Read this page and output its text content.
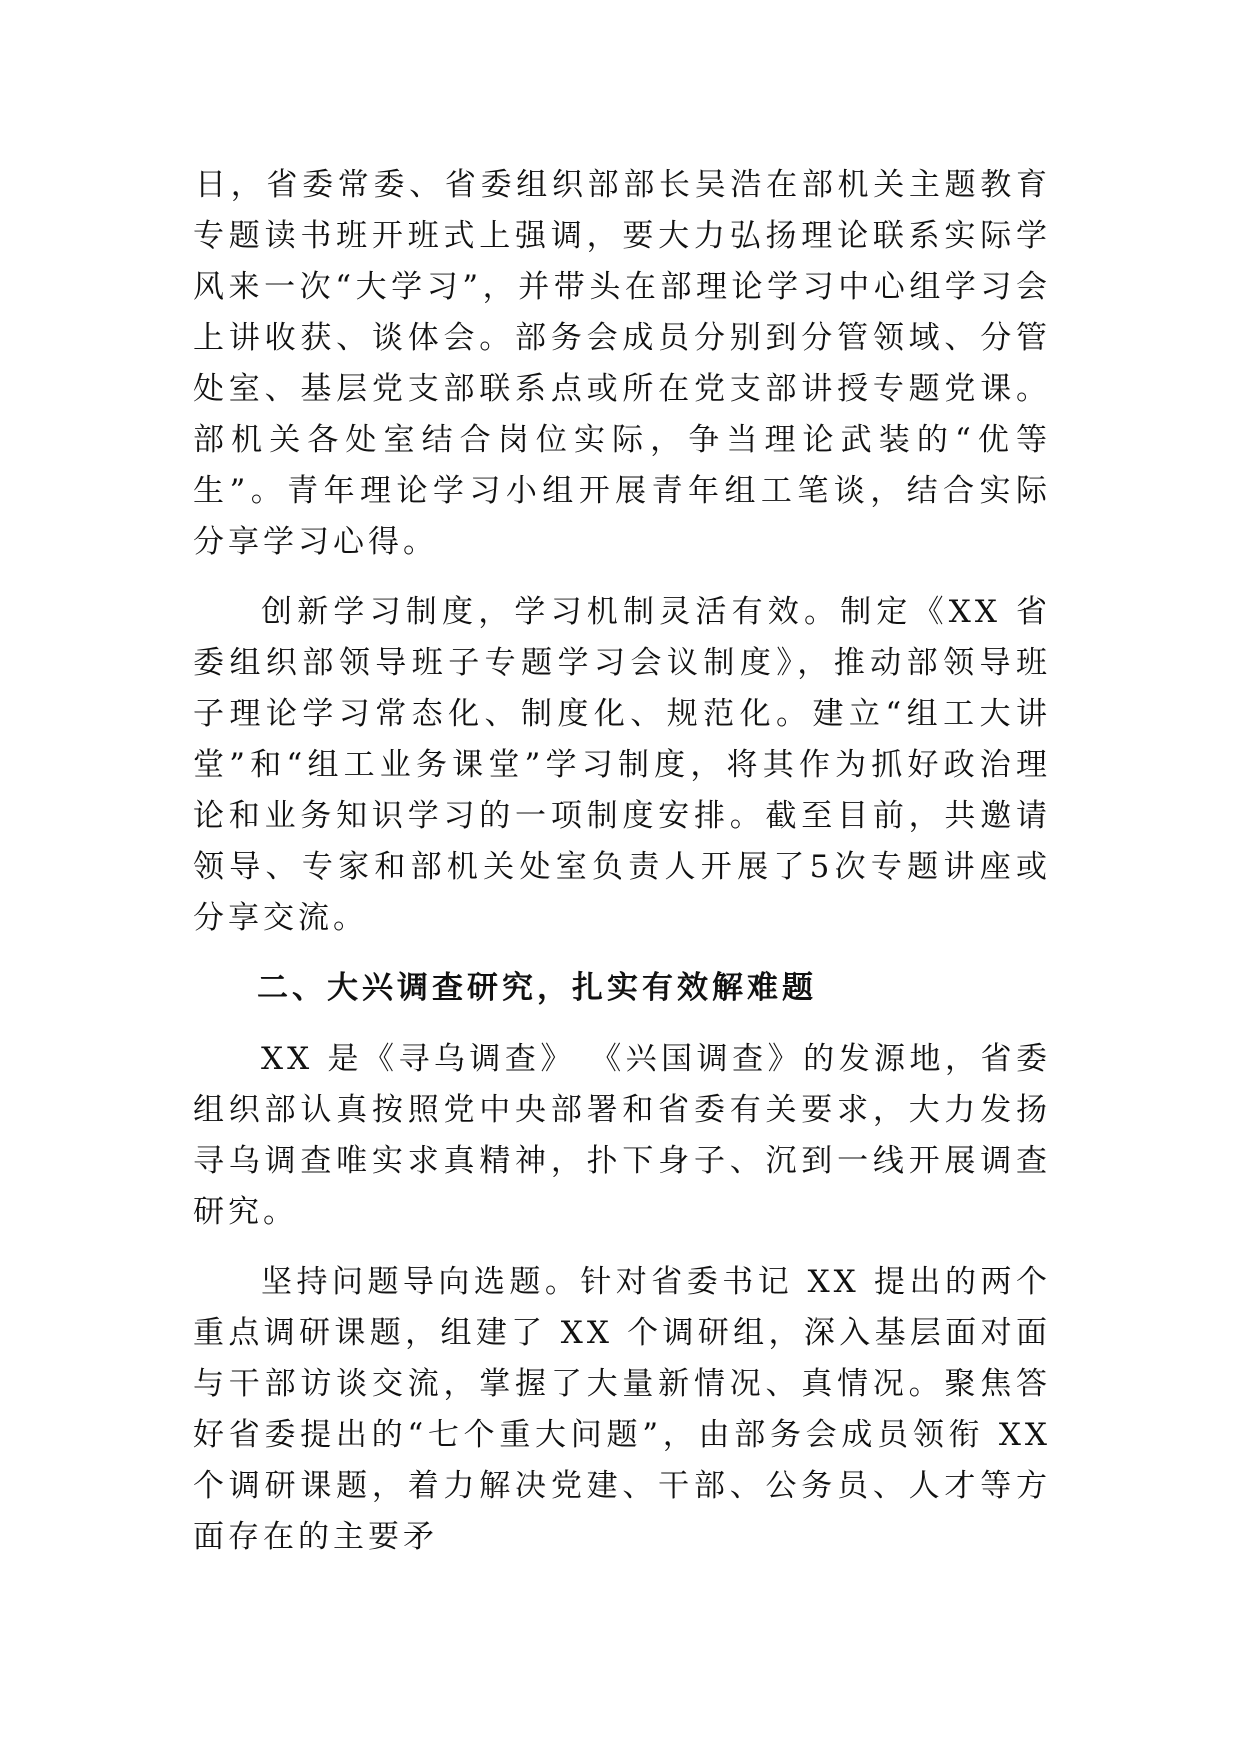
日，省委常委、省委组织部部长吴浩在部机关主题教育专题读书班开班式上强调，要大力弘扬理论联系实际学风来一次“大学习”，并带头在部理论学习中心组学习会上讲收获、谈体会。部务会成员分别到分管领域、分管处室、基层党支部联系点或所在党支部讲授专题党课。部机关各处室结合岗位实际，争当理论武装的“优等生”。青年理论学习小组开展青年组工笔谈，结合实际分享学习心得。

创新学习制度，学习机制灵活有效。制定《XX 省委组织部领导班子专题学习会议制度》，推动部领导班子理论学习常态化、制度化、规范化。建立“组工大讲堂”和“组工业务课堂”学习制度，将其作为抓好政治理论和业务知识学习的一项制度安排。截至目前，共邀请领导、专家和部机关处室负责人开展了5次专题讲座或分享交流。

二、大兴调查研究，扎实有效解难题

XX 是《寻乌调查》 《兴国调查》的发源地，省委组织部认真按照党中央部署和省委有关要求，大力发扬寻乌调查唯实求真精神，扑下身子、沉到一线开展调查研究。

坚持问题导向选题。针对省委书记 XX 提出的两个重点调研课题，组建了 XX 个调研组，深入基层面对面与干部访谈交流，掌握了大量新情况、真情况。聚焦答好省委提出的“七个重大问题”，由部务会成员领衔 XX 个调研课题，着力解决党建、干部、公务员、人才等方面存在的主要矛
